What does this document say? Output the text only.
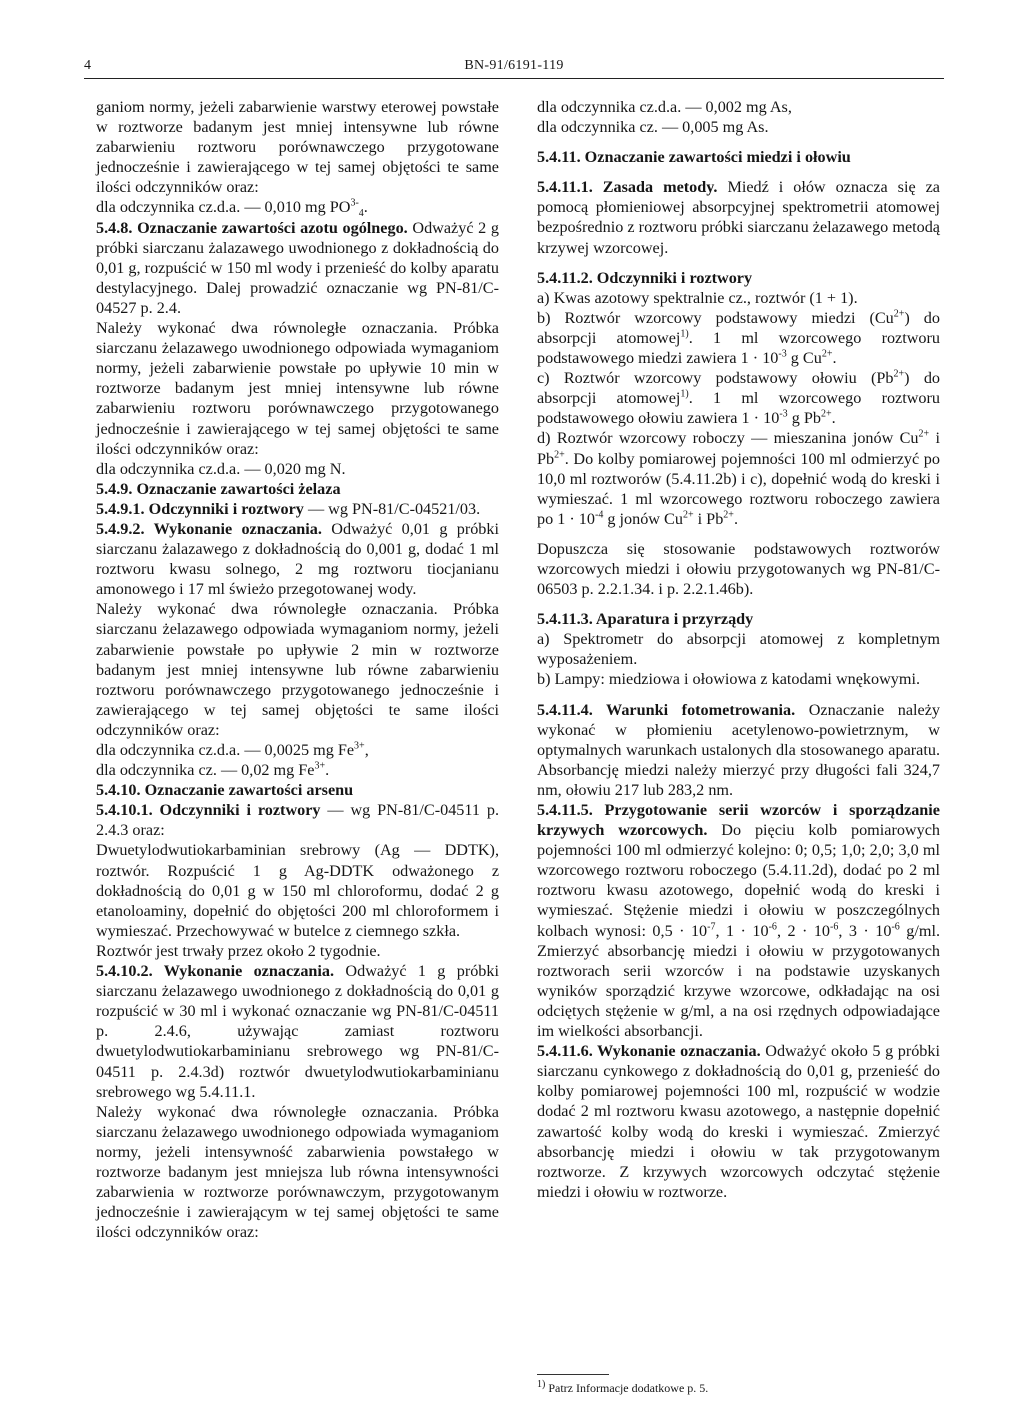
4	BN-91/6191-119

ganiom normy, jeżeli zabarwienie warstwy eterowej powstałe w roztworze badanym jest mniej intensywne lub równe zabarwieniu roztworu porównawczego przygotowane jednocześnie i zawierającego w tej samej objętości te same ilości odczynników oraz:

dla odczynnika cz.d.a. — 0,010 mg $PO^{3-}_4$.

5.4.8. Oznaczanie zawartości azotu ogólnego. Odważyć 2 g próbki siarczanu żalazawego uwodnionego z dokładnością do 0,01 g, rozpuścić w 150 ml wody i przenieść do kolby aparatu destylacyjnego. Dalej prowadzić oznaczanie wg PN-81/C-04527 p. 2.4.

Należy wykonać dwa równoległe oznaczania. Próbka siarczanu żelazawego uwodnionego odpowiada wymaganiom normy, jeżeli zabarwienie powstałe po upływie 10 min w roztworze badanym jest mniej intensywne lub równe zabarwieniu roztworu porównawczego przygotowanego jednocześnie i zawierającego w tej samej objętości te same ilości odczynników oraz:

dla odczynnika cz.d.a. — 0,020 mg N.

5.4.9. Oznaczanie zawartości żelaza

5.4.9.1. Odczynniki i roztwory — wg PN-81/C-04521/03.

5.4.9.2. Wykonanie oznaczania. Odważyć 0,01 g próbki siarczanu żalazawego z dokładnością do 0,001 g, dodać 1 ml roztworu kwasu solnego, 2 mg roztworu tiocjanianu amonowego i 17 ml świeżo przegotowanej wody.

Należy wykonać dwa równoległe oznaczania. Próbka siarczanu żelazawego odpowiada wymaganiom normy, jeżeli zabarwienie powstałe po upływie 2 min w roztworze badanym jest mniej intensywne lub równe zabarwieniu roztworu porównawczego przygotowanego jednocześnie i zawierającego w tej samej objętości te same ilości odczynników oraz:

dla odczynnika cz.d.a. — 0,0025 mg $Fe^{3+}$,

dla odczynnika cz. — 0,02 mg $Fe^{3+}$.

5.4.10. Oznaczanie zawartości arsenu

5.4.10.1. Odczynniki i roztwory — wg PN-81/C-04511 p. 2.4.3 oraz:

Dwuetylodwutiokarbaminian srebrowy (Ag — DDTK), roztwór. Rozpuścić 1 g Ag-DDTK odważonego z dokładnością do 0,01 g w 150 ml chloroformu, dodać 2 g etanoloaminy, dopełnić do objętości 200 ml chloroformem i wymieszać. Przechowywać w butelce z ciemnego szkła.

Roztwór jest trwały przez około 2 tygodnie.

5.4.10.2. Wykonanie oznaczania. Odważyć 1 g próbki siarczanu żelazawego uwodnionego z dokładnością do 0,01 g rozpuścić w 30 ml i wykonać oznaczanie wg PN-81/C-04511 p. 2.4.6, używając zamiast roztworu dwuetylodwutiokarbaminianu srebrowego wg PN-81/C-04511 p. 2.4.3d) roztwór dwuetylodwutiokarbaminianu srebrowego wg 5.4.11.1.

Należy wykonać dwa równoległe oznaczania. Próbka siarczanu żelazawego uwodnionego odpowiada wymaganiom normy, jeżeli intensywność zabarwienia powstałego w roztworze badanym jest mniejsza lub równa intensywności zabarwienia w roztworze porównawczym, przygotowanym jednocześnie i zawierającym w tej samej objętości te same ilości odczynników oraz:

dla odczynnika cz.d.a. — 0,002 mg As,

dla odczynnika cz. — 0,005 mg As.

5.4.11. Oznaczanie zawartości miedzi i ołowiu

5.4.11.1. Zasada metody. Miedź i ołów oznacza się za pomocą płomieniowej absorpcyjnej spektrometrii atomowej bezpośrednio z roztworu próbki siarczanu żelazawego metodą krzywej wzorcowej.

5.4.11.2. Odczynniki i roztwory

a) Kwas azotowy spektralnie cz., roztwór (1 + 1).

b) Roztwór wzorcowy podstawowy miedzi $(Cu^{2+})$ do absorpcji atomowej$^{1)}$. 1 ml wzorcowego roztworu podstawowego miedzi zawiera $1 \cdot 10^{-3}$ g $Cu^{2+}$.

c) Roztwór wzorcowy podstawowy ołowiu $(Pb^{2+})$ do absorpcji atomowej$^{1)}$. 1 ml wzorcowego roztworu podstawowego ołowiu zawiera $1 \cdot 10^{-3}$ g $Pb^{2+}$.

d) Roztwór wzorcowy roboczy — mieszanina jonów $Cu^{2+}$ i $Pb^{2+}$. Do kolby pomiarowej pojemności 100 ml odmierzyć po 10,0 ml roztworów (5.4.11.2b) i c), dopełnić wodą do kreski i wymieszać. 1 ml wzorcowego roztworu roboczego zawiera po $1 \cdot 10^{-4}$ g jonów $Cu^{2+}$ i $Pb^{2+}$.

Dopuszcza się stosowanie podstawowych roztworów wzorcowych miedzi i ołowiu przygotowanych wg PN-81/C-06503 p. 2.2.1.34. i p. 2.2.1.46b).

5.4.11.3. Aparatura i przyrządy

a) Spektrometr do absorpcji atomowej z kompletnym wyposażeniem.

b) Lampy: miedziowa i ołowiowa z katodami wnękowymi.

5.4.11.4. Warunki fotometrowania. Oznaczanie należy wykonać w płomieniu acetylenowo-powietrznym, w optymalnych warunkach ustalonych dla stosowanego aparatu. Absorbancję miedzi należy mierzyć przy długości fali 324,7 nm, ołowiu 217 lub 283,2 nm.

5.4.11.5. Przygotowanie serii wzorców i sporządzanie krzywych wzorcowych. Do pięciu kolb pomiarowych pojemności 100 ml odmierzyć kolejno: 0; 0,5; 1,0; 2,0; 3,0 ml wzorcowego roztworu roboczego (5.4.11.2d), dodać po 2 ml roztworu kwasu azotowego, dopełnić wodą do kreski i wymieszać. Stężenie miedzi i ołowiu w poszczególnych kolbach wynosi: $0,5 \cdot 10^{-7}$, $1 \cdot 10^{-6}$, $2 \cdot 10^{-6}$, $3 \cdot 10^{-6}$ g/ml. Zmierzyć absorbancję miedzi i ołowiu w przygotowanych roztworach serii wzorców i na podstawie uzyskanych wyników sporządzić krzywe wzorcowe, odkładając na osi odciętych stężenie w g/ml, a na osi rzędnych odpowiadające im wielkości absorbancji.

5.4.11.6. Wykonanie oznaczania. Odważyć około 5 g próbki siarczanu cynkowego z dokładnością do 0,01 g, przenieść do kolby pomiarowej pojemności 100 ml, rozpuścić w wodzie dodać 2 ml roztworu kwasu azotowego, a następnie dopełnić zawartość kolby wodą do kreski i wymieszać. Zmierzyć absorbancję miedzi i ołowiu w tak przygotowanym roztworze. Z krzywych wzorcowych odczytać stężenie miedzi i ołowiu w roztworze.

$^{1)}$ Patrz Informacje dodatkowe p. 5.
